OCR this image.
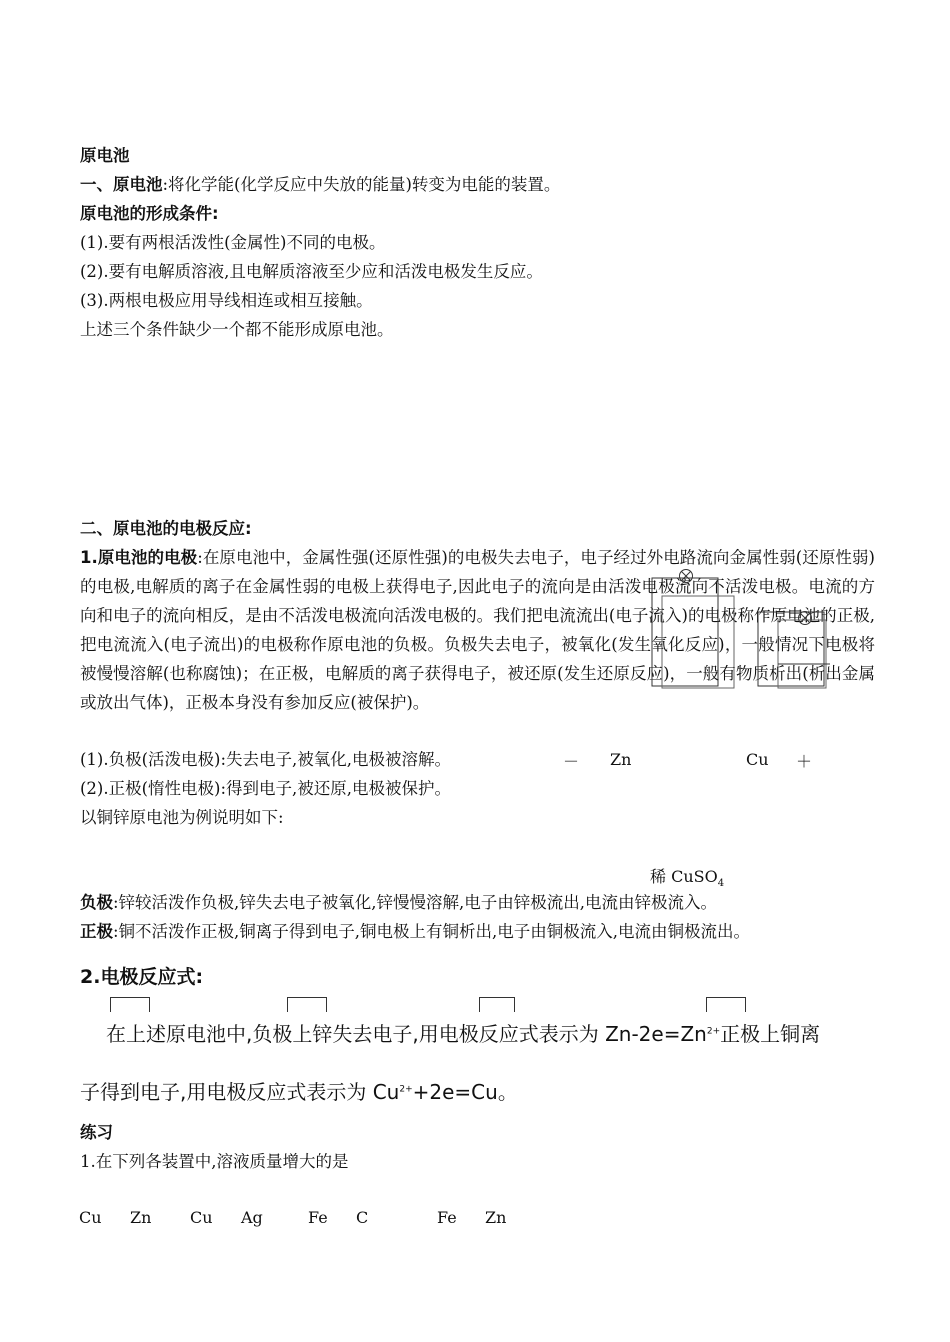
原电池
一、原电池:将化学能(化学反应中失放的能量)转变为电能的装置。
原电池的形成条件:
(1).要有两根活泼性(金属性)不同的电极。
(2).要有电解质溶液,且电解质溶液至少应和活泼电极发生反应。
(3).两根电极应用导线相连或相互接触。
上述三个条件缺少一个都不能形成原电池。
二、原电池的电极反应:
1.原电池的电极:在原电池中，金属性强(还原性强)的电极失去电子，电子经过外电路流向金属性弱(还原性弱)的电极,电解质的离子在金属性弱的电极上获得电子,因此电子的流向是由活泼电极流向不活泼电极。电流的方向和电子的流向相反，是由不活泼电极流向活泼电极的。我们把电流流出(电子流入)的电极称作原电池的正极,把电流流入(电子流出)的电极称作原电池的负极。负极失去电子，被氧化(发生氧化反应)，一般情况下电极将被慢慢溶解(也称腐蚀)；在正极，电解质的离子获得电子，被还原(发生还原反应)，一般有物质析出(析出金属或放出气体)，正极本身没有参加反应(被保护)。
(1).负极(活泼电极):失去电子,被氧化,电极被溶解。
(2).正极(惰性电极):得到电子,被还原,电极被保护。
以铜锌原电池为例说明如下:
－ Zn	Cu ＋
稀 CuSO$_4$
负极:锌较活泼作负极,锌失去电子被氧化,锌慢慢溶解,电子由锌极流出,电流由锌极流入。
正极:铜不活泼作正极,铜离子得到电子,铜电极上有铜析出,电子由铜极流入,电流由铜极流出。
2.电极反应式:
在上述原电池中,负极上锌失去电子,用电极反应式表示为 $Zn-2e=Zn^{2+}$正极上铜离
子得到电子,用电极反应式表示为 $Cu^{2+}+2e=Cu$。
练习
1.在下列各装置中,溶液质量增大的是
Cu Zn Cu Ag	Fe C	Fe Zn
